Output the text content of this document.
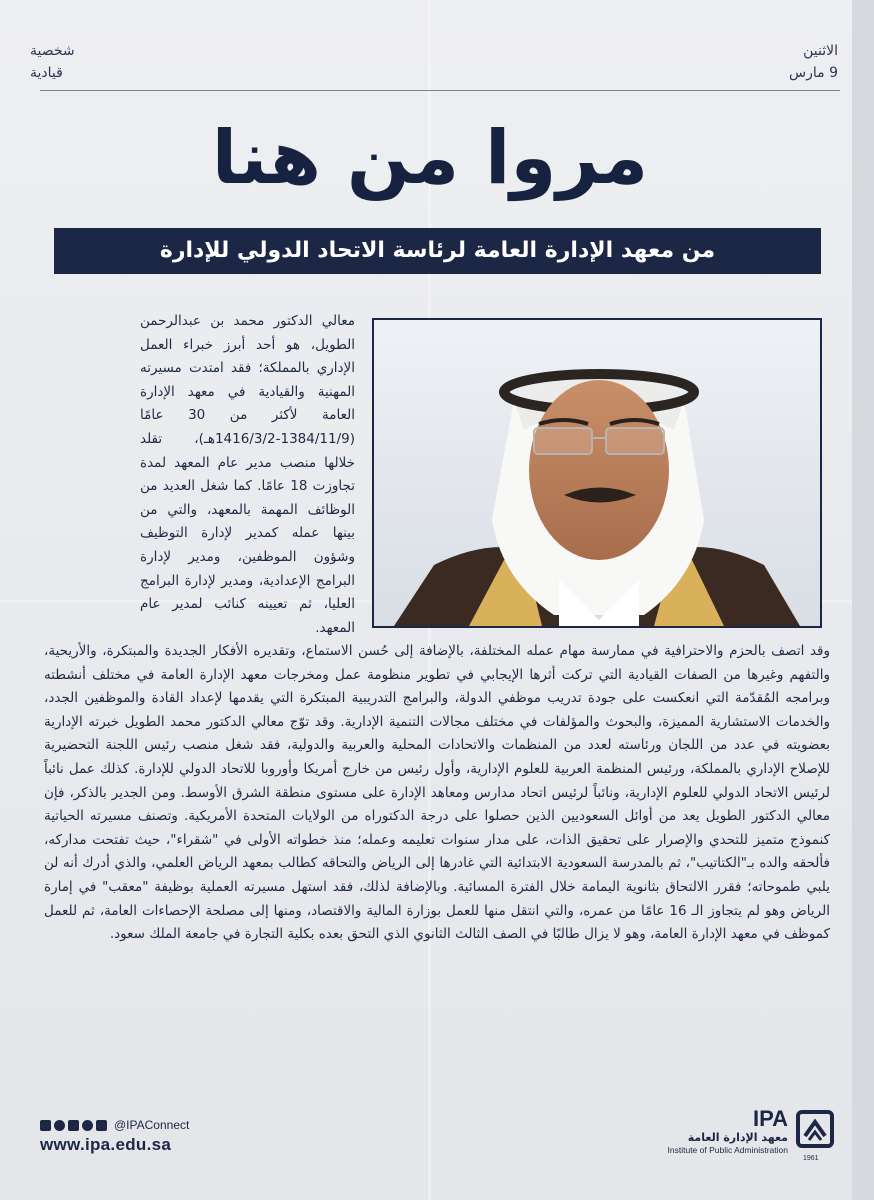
الاثنين
9 مارس
شخصية
قيادية
مروا من هنا
من معهد الإدارة العامة لرئاسة الاتحاد الدولي للإدارة
معالي الدكتور محمد بن عبدالرحمن الطويل، هو أحد أبرز خبراء العمل الإداري بالمملكة؛ فقد امتدت مسيرته المهنية والقيادية في معهد الإدارة العامة لأكثر من 30 عامًا (1384/11/9-1416/3/2هـ)، تقلد خلالها منصب مدير عام المعهد لمدة تجاوزت 18 عامًا. كما شغل العديد من الوظائف المهمة بالمعهد، والتي من بينها عمله كمدير لإدارة التوظيف وشؤون الموظفين، ومدير لإدارة البرامج الإعدادية، ومدير لإدارة البرامج العليا، ثم تعيينه كنائب لمدير عام المعهد.
وقد اتصف بالحزم والاحترافية في ممارسة مهام عمله المختلفة، بالإضافة إلى حُسن الاستماع، وتقديره الأفكار الجديدة والمبتكرة، والأريحية، والتفهم وغيرها من الصفات القيادية التي تركت أثرها الإيجابي في تطوير منظومة عمل ومخرجات معهد الإدارة العامة في مختلف أنشطته وبرامجه المُقدّمة التي انعكست على جودة تدريب موظفي الدولة، والبرامج التدريبية المبتكرة التي يقدمها لإعداد القادة والموظفين الجدد، والخدمات الاستشارية المميزة، والبحوث والمؤلفات في مختلف مجالات التنمية الإدارية. وقد توّج معالي الدكتور محمد الطويل خبرته الإدارية بعضويته في عدد من اللجان ورئاسته لعدد من المنظمات والاتحادات المحلية والعربية والدولية، فقد شغل منصب رئيس اللجنة التحضيرية للإصلاح الإداري بالمملكة، ورئيس المنظمة العربية للعلوم الإدارية، وأول رئيس من خارج أمريكا وأوروبا للاتحاد الدولي للإدارة. كذلك عمل نائباً لرئيس الاتحاد الدولي للعلوم الإدارية، ونائباً لرئيس اتحاد مدارس ومعاهد الإدارة على مستوى منطقة الشرق الأوسط. ومن الجدير بالذكر، فإن معالي الدكتور الطويل يعد من أوائل السعوديين الذين حصلوا على درجة الدكتوراه من الولايات المتحدة الأمريكية. وتصنف مسيرته الحياتية كنموذج متميز للتحدي والإصرار على تحقيق الذات، على مدار سنوات تعليمه وعمله؛ منذ خطواته الأولى في "شقراء"، حيث تفتحت مداركه، فألحقه والده بـ"الكتاتيب"، ثم بالمدرسة السعودية الابتدائية التي غادرها إلى الرياض والتحاقه كطالب بمعهد الرياض العلمي، والذي أدرك أنه لن يلبي طموحاته؛ فقرر الالتحاق بثانوية اليمامة خلال الفترة المسائية. وبالإضافة لذلك، فقد استهل مسيرته العملية بوظيفة "معقب" في إمارة الرياض وهو لم يتجاوز الـ 16 عامًا من عمره، والتي انتقل منها للعمل بوزارة المالية والاقتصاد، ومنها إلى مصلحة الإحصاءات العامة، ثم للعمل كموظف في معهد الإدارة العامة، وهو لا يزال طالبًا في الصف الثالث الثانوي الذي التحق بعده بكلية التجارة في جامعة الملك سعود.
@IPAConnect
www.ipa.edu.sa
IPA
معهد الإدارة العامة
Institute of Public Administration
1961
